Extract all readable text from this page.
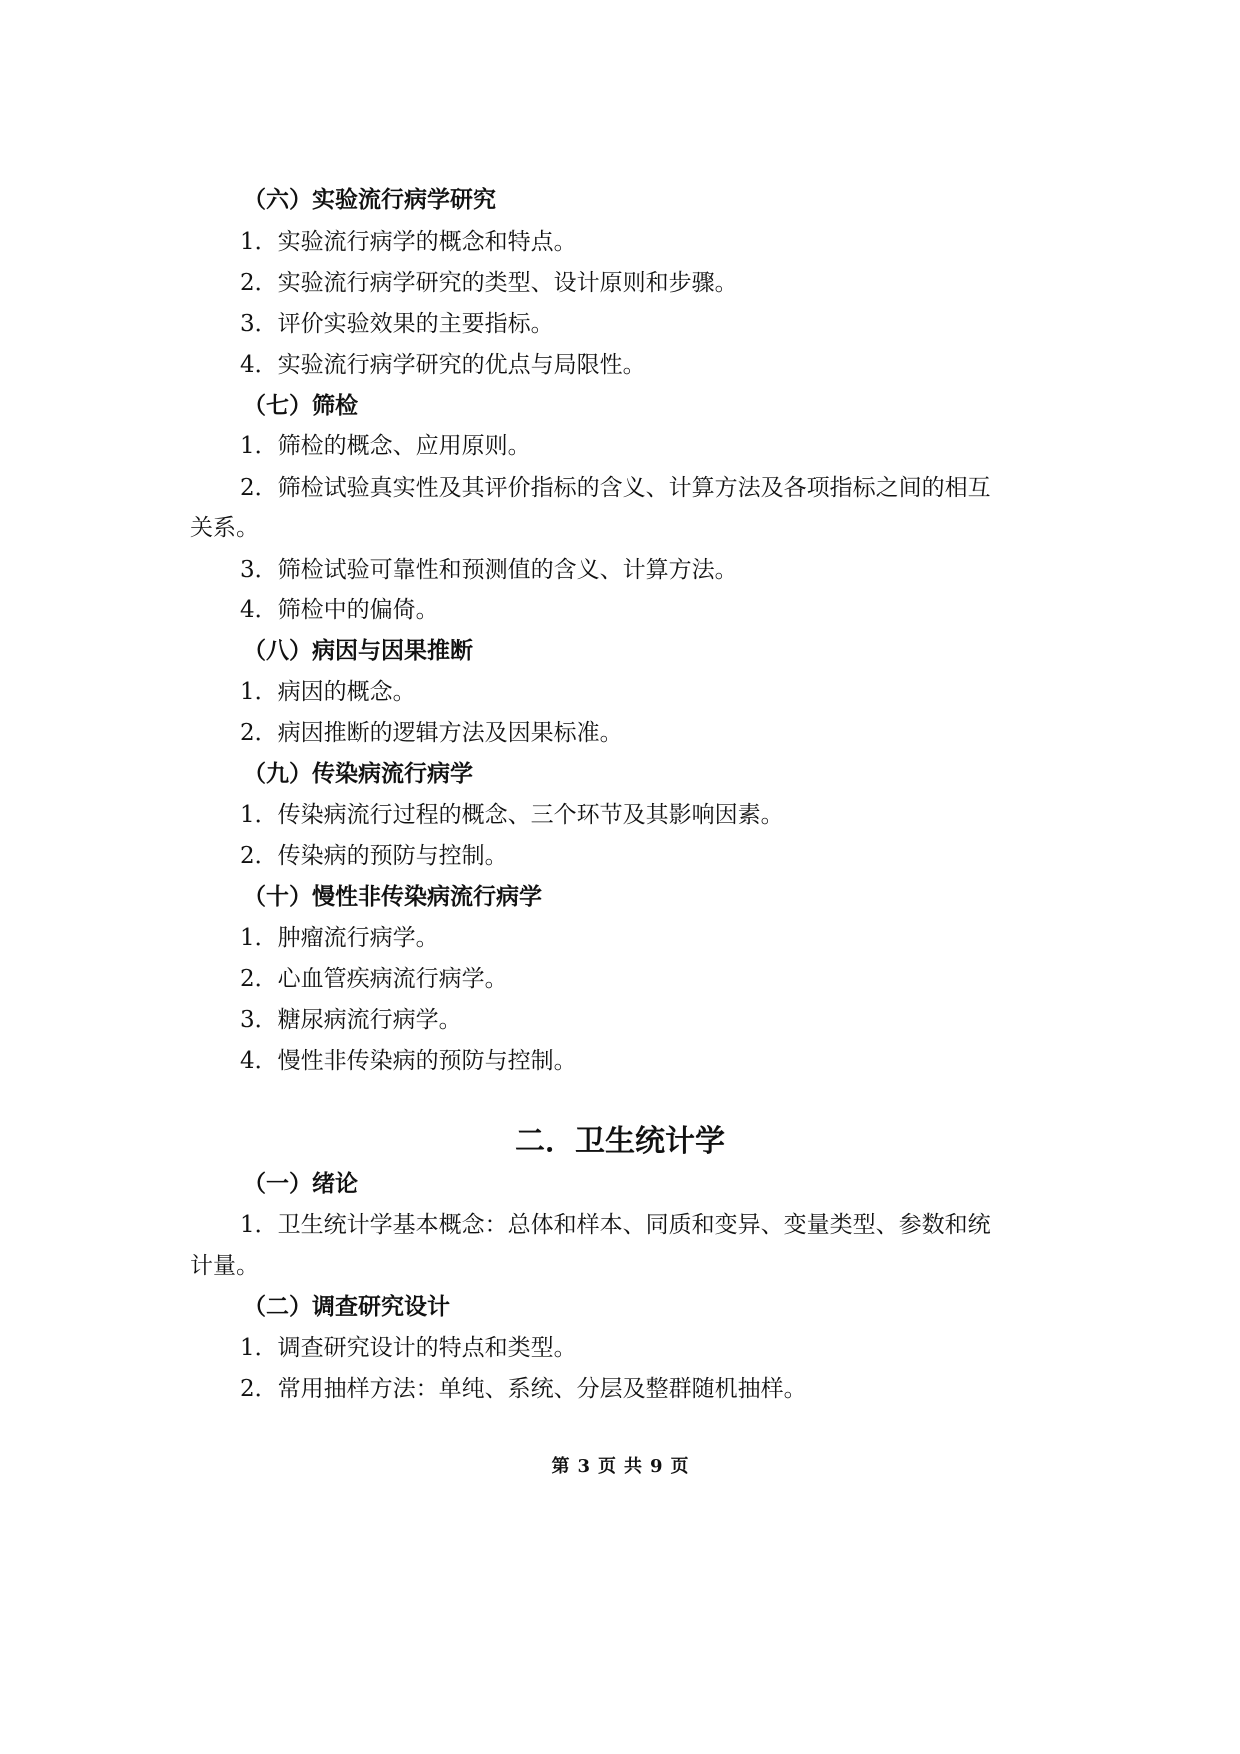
（六）实验流行病学研究
1．实验流行病学的概念和特点。
2．实验流行病学研究的类型、设计原则和步骤。
3．评价实验效果的主要指标。
4．实验流行病学研究的优点与局限性。
（七）筛检
1．筛检的概念、应用原则。
2．筛检试验真实性及其评价指标的含义、计算方法及各项指标之间的相互
关系。
3．筛检试验可靠性和预测值的含义、计算方法。
4．筛检中的偏倚。
（八）病因与因果推断
1．病因的概念。
2．病因推断的逻辑方法及因果标准。
（九）传染病流行病学
1．传染病流行过程的概念、三个环节及其影响因素。
2．传染病的预防与控制。
（十）慢性非传染病流行病学
1．肿瘤流行病学。
2．心血管疾病流行病学。
3．糖尿病流行病学。
4．慢性非传染病的预防与控制。
二．卫生统计学
（一）绪论
1．卫生统计学基本概念：总体和样本、同质和变异、变量类型、参数和统
计量。
（二）调查研究设计
1．调查研究设计的特点和类型。
2．常用抽样方法：单纯、系统、分层及整群随机抽样。
第 3 页 共 9 页
